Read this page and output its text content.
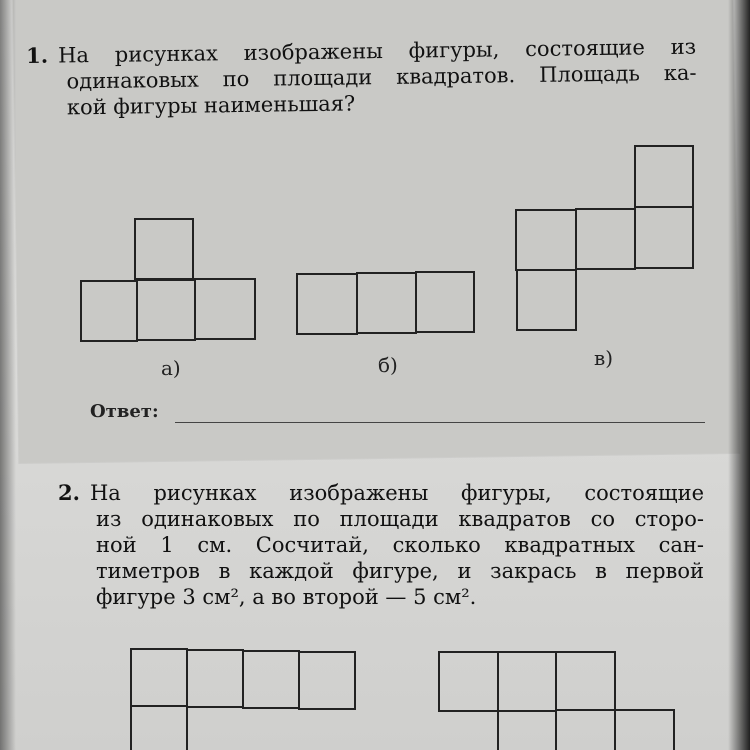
1. На рисунках изображены фигуры, состоящие из
одинаковых по площади квадратов. Площадь ка-
кой фигуры наименьшая?
а)	б)	в)
Ответ:
2. На рисунках изображены фигуры, состоящие
из одинаковых по площади квадратов со сторо-
ной 1 см. Сосчитай, сколько квадратных сан-
тиметров в каждой фигуре, и закрась в первой
фигуре 3 см², а во второй — 5 см².
